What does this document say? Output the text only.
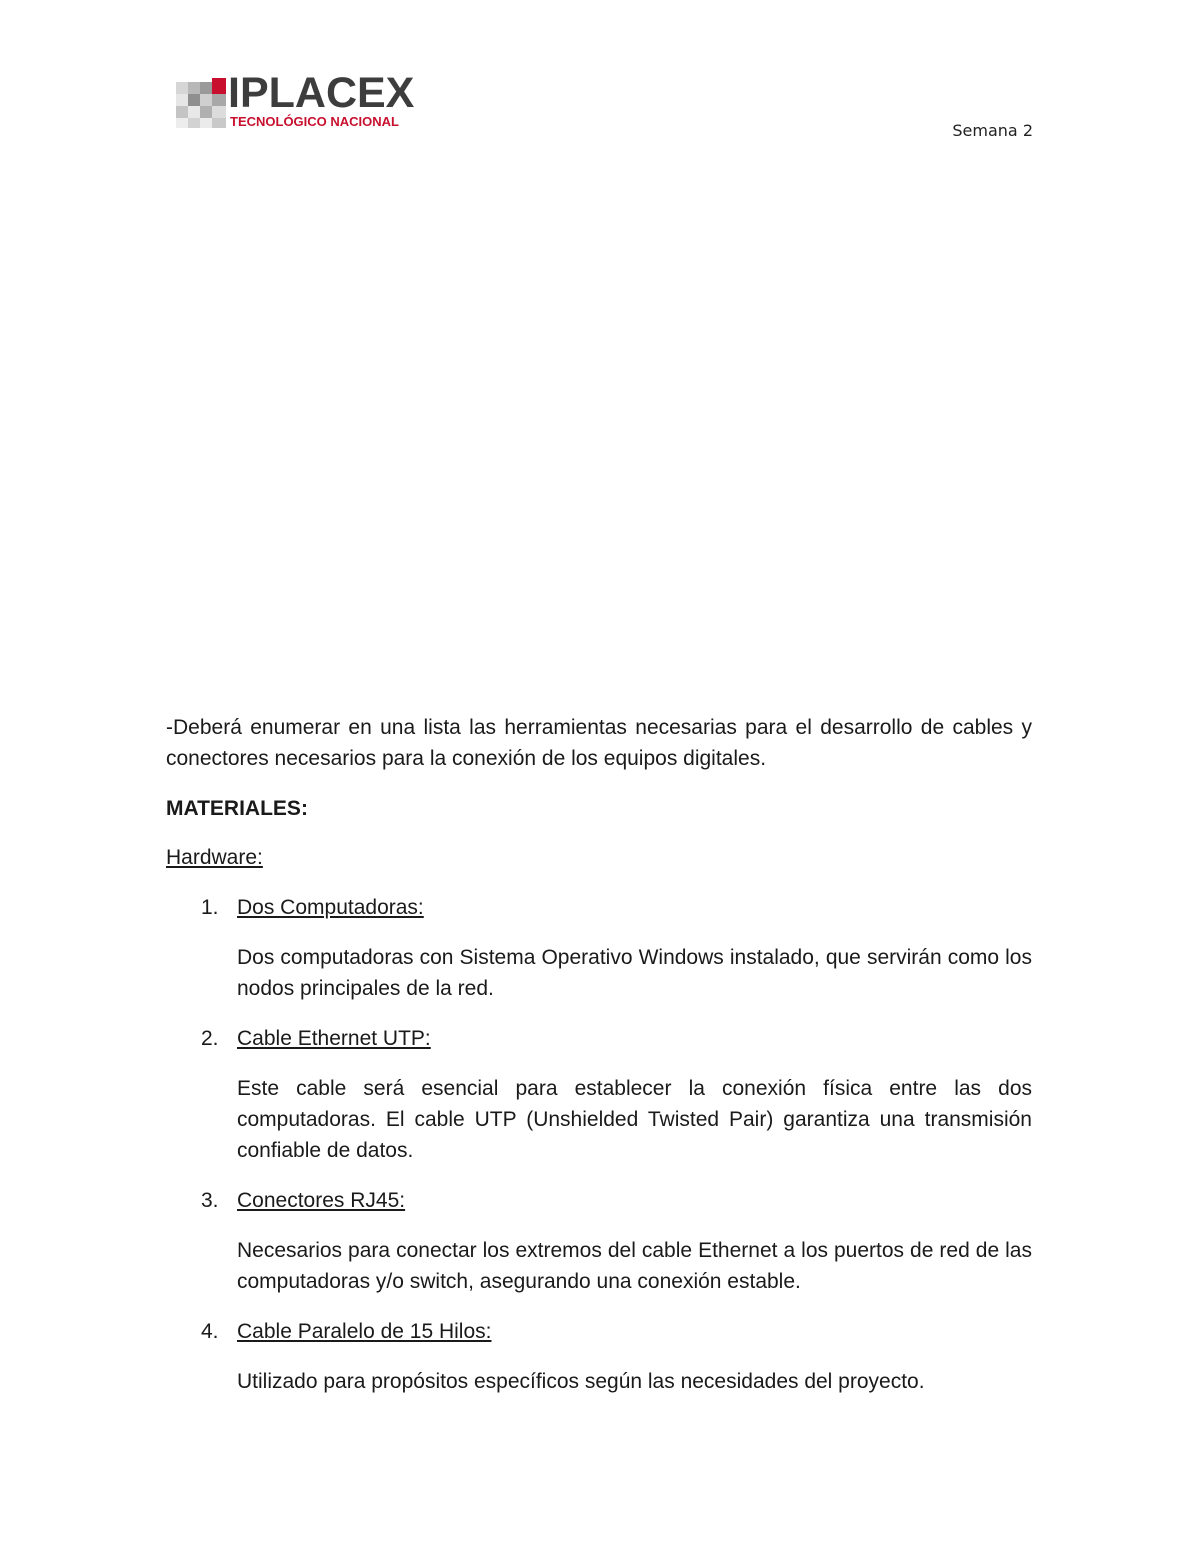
IPLACEX
TECNOLÓGICO NACIONAL	Semana 2

-Deberá enumerar en una lista las herramientas necesarias para el desarrollo de cables y conectores necesarios para la conexión de los equipos digitales.

MATERIALES:

Hardware:

1. Dos Computadoras:

Dos computadoras con Sistema Operativo Windows instalado, que servirán como los nodos principales de la red.

2. Cable Ethernet UTP:

Este cable será esencial para establecer la conexión física entre las dos computadoras. El cable UTP (Unshielded Twisted Pair) garantiza una transmisión confiable de datos.

3. Conectores RJ45:

Necesarios para conectar los extremos del cable Ethernet a los puertos de red de las computadoras y/o switch, asegurando una conexión estable.

4. Cable Paralelo de 15 Hilos:

Utilizado para propósitos específicos según las necesidades del proyecto.
